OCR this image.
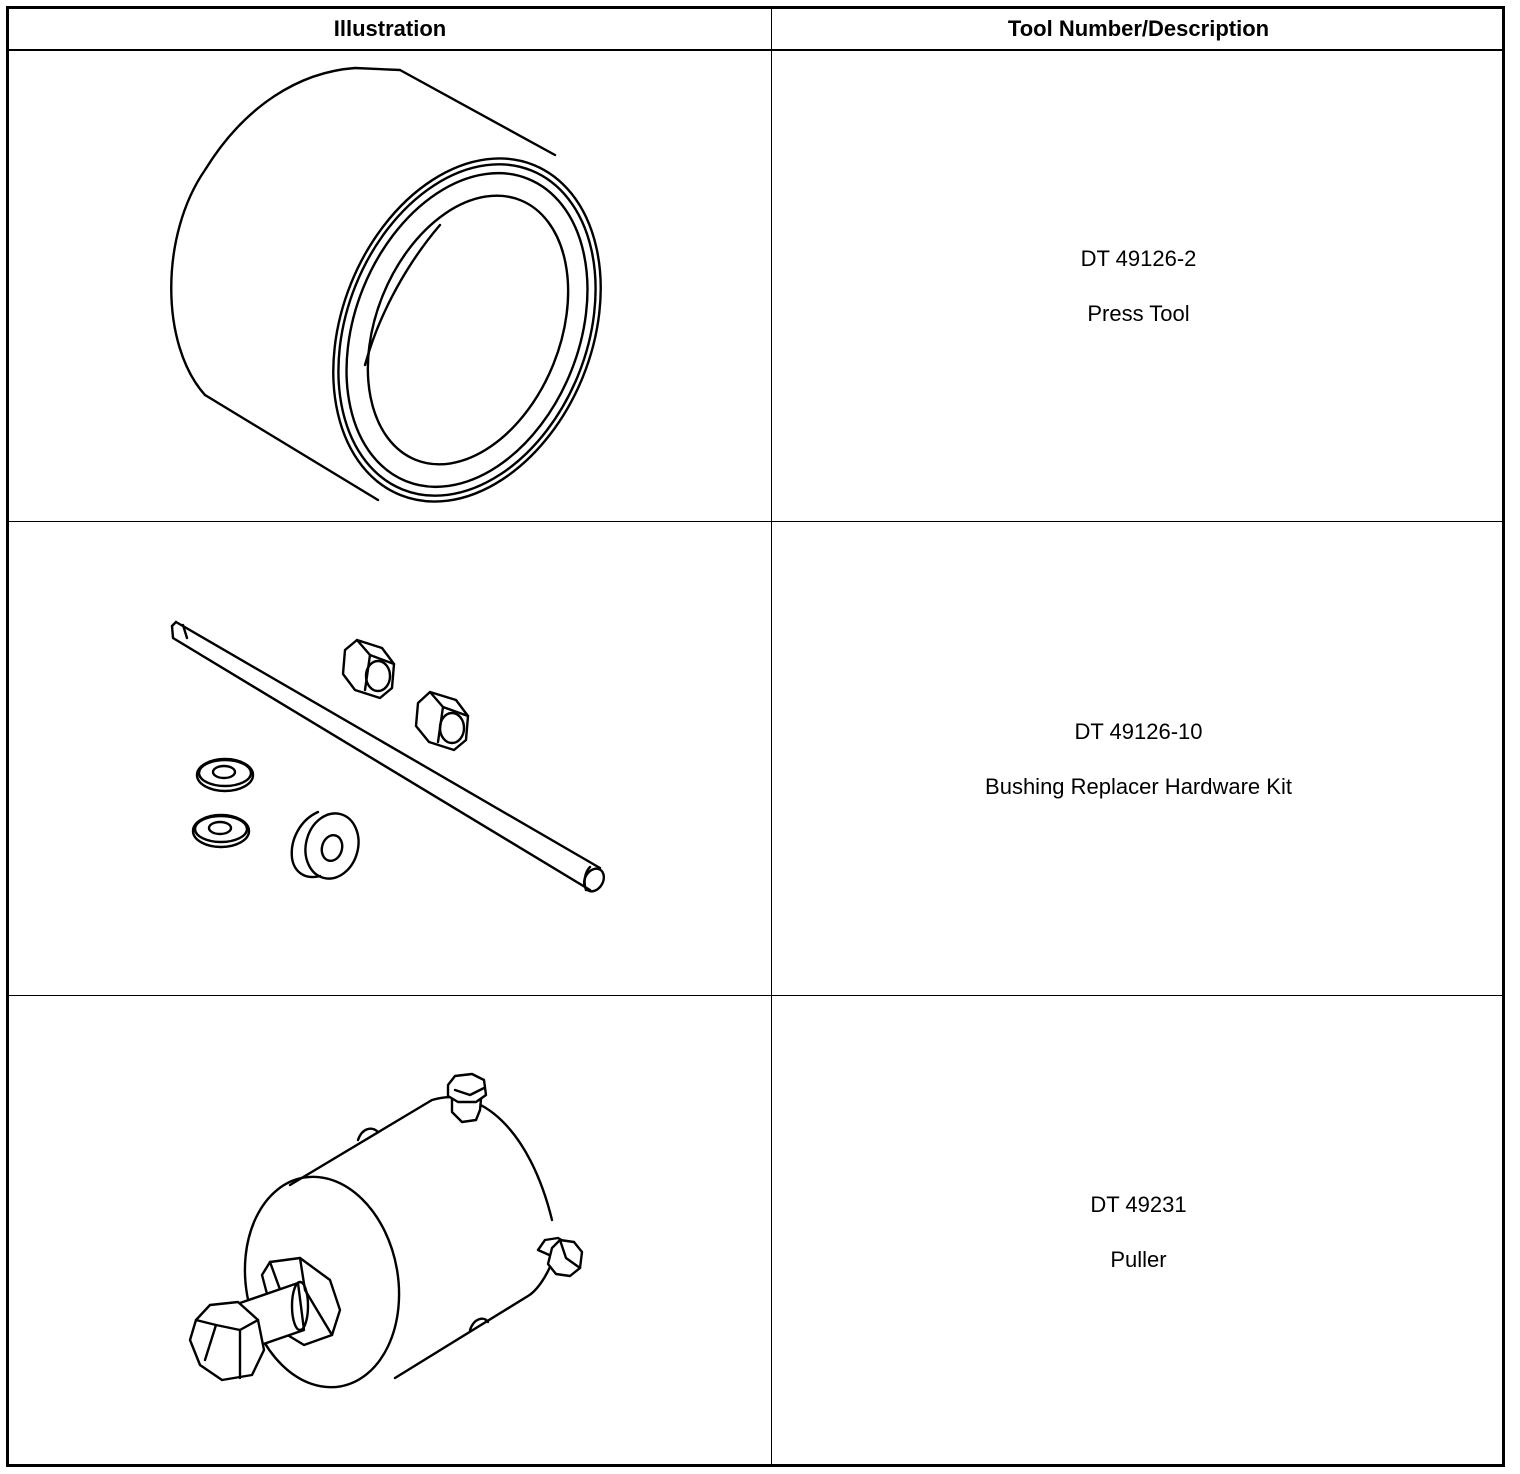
Illustration	Tool Number/Description
DT 49126-2
Press Tool
DT 49126-10
Bushing Replacer Hardware Kit
DT 49231
Puller
